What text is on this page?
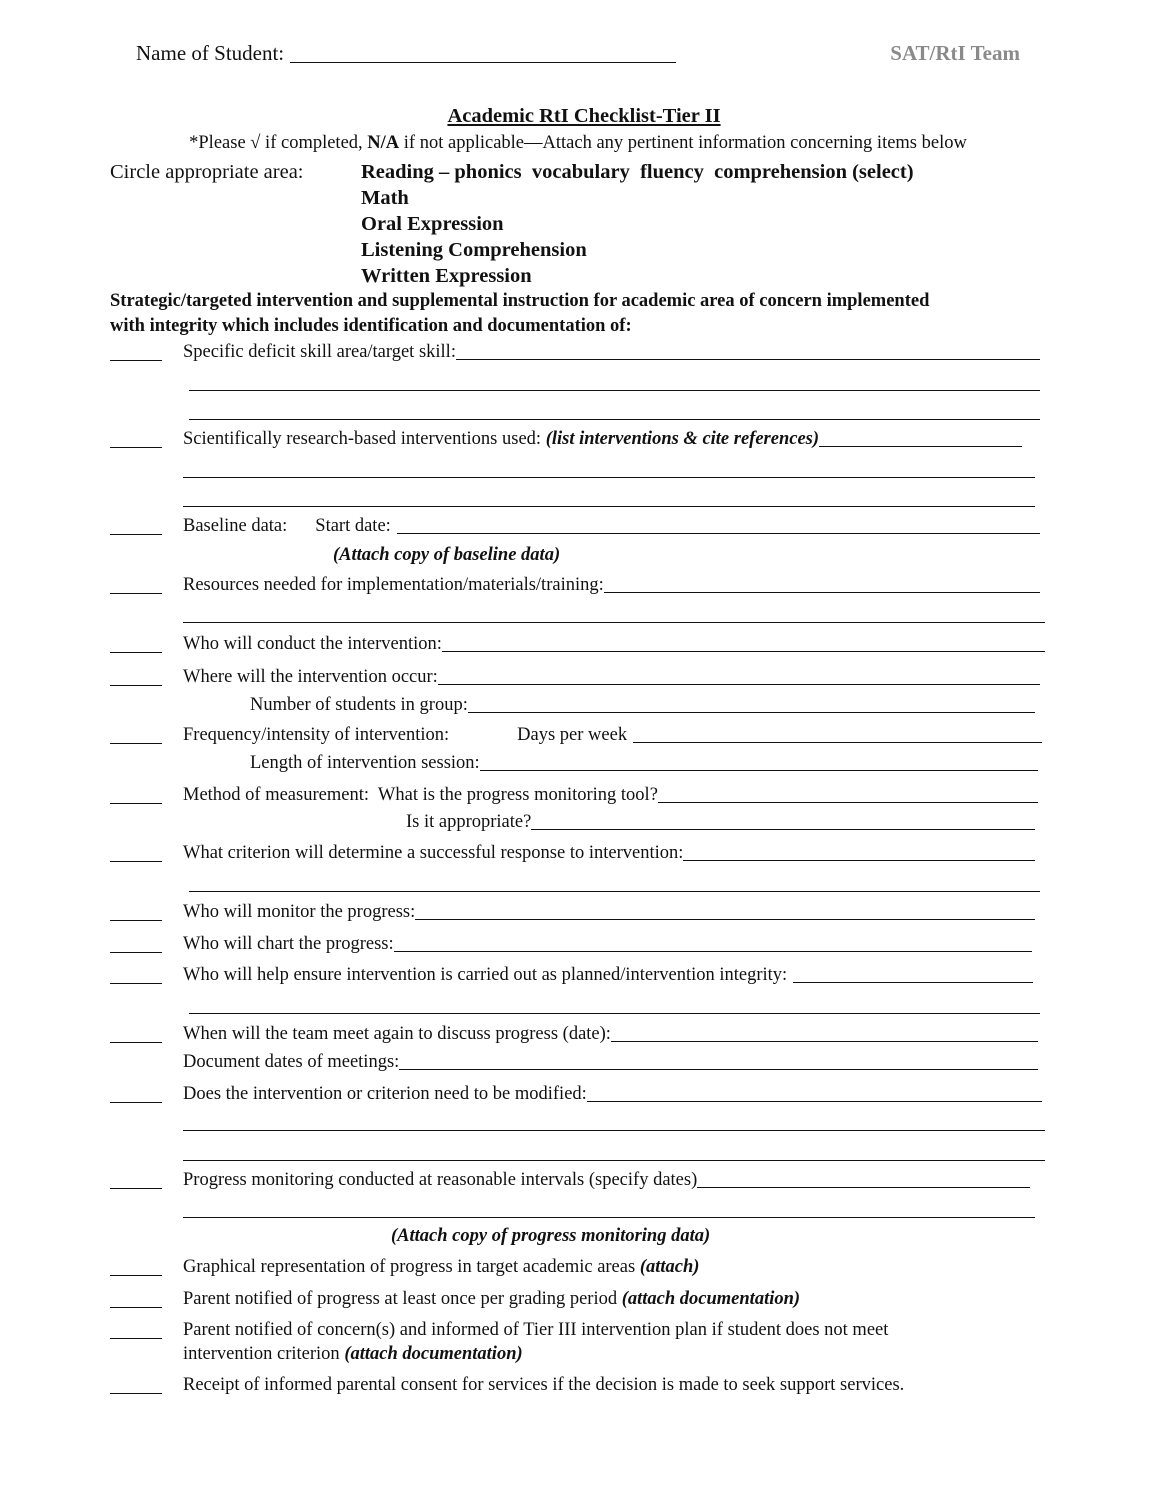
Name of Student:	SAT/RtI Team
Academic RtI Checklist-Tier II
*Please √ if completed, N/A if not applicable—Attach any pertinent information concerning items below
Circle appropriate area:	Reading – phonics  vocabulary  fluency  comprehension (select)
Math
Oral Expression
Listening Comprehension
Written Expression
Strategic/targeted intervention and supplemental instruction for academic area of concern implemented
with integrity which includes identification and documentation of:
Specific deficit skill area/target skill:
Scientifically research-based interventions used: (list interventions & cite references)
Baseline data: Start date:
(Attach copy of baseline data)
Resources needed for implementation/materials/training:
Who will conduct the intervention:
Where will the intervention occur:
Number of students in group:
Frequency/intensity of intervention:	Days per week
Length of intervention session:
Method of measurement:  What is the progress monitoring tool?
Is it appropriate?
What criterion will determine a successful response to intervention:
Who will monitor the progress:
Who will chart the progress:
Who will help ensure intervention is carried out as planned/intervention integrity:
When will the team meet again to discuss progress (date):
Document dates of meetings:
Does the intervention or criterion need to be modified:
Progress monitoring conducted at reasonable intervals (specify dates)
(Attach copy of progress monitoring data)
Graphical representation of progress in target academic areas (attach)
Parent notified of progress at least once per grading period (attach documentation)
Parent notified of concern(s) and informed of Tier III intervention plan if student does not meet
intervention criterion (attach documentation)
Receipt of informed parental consent for services if the decision is made to seek support services.
